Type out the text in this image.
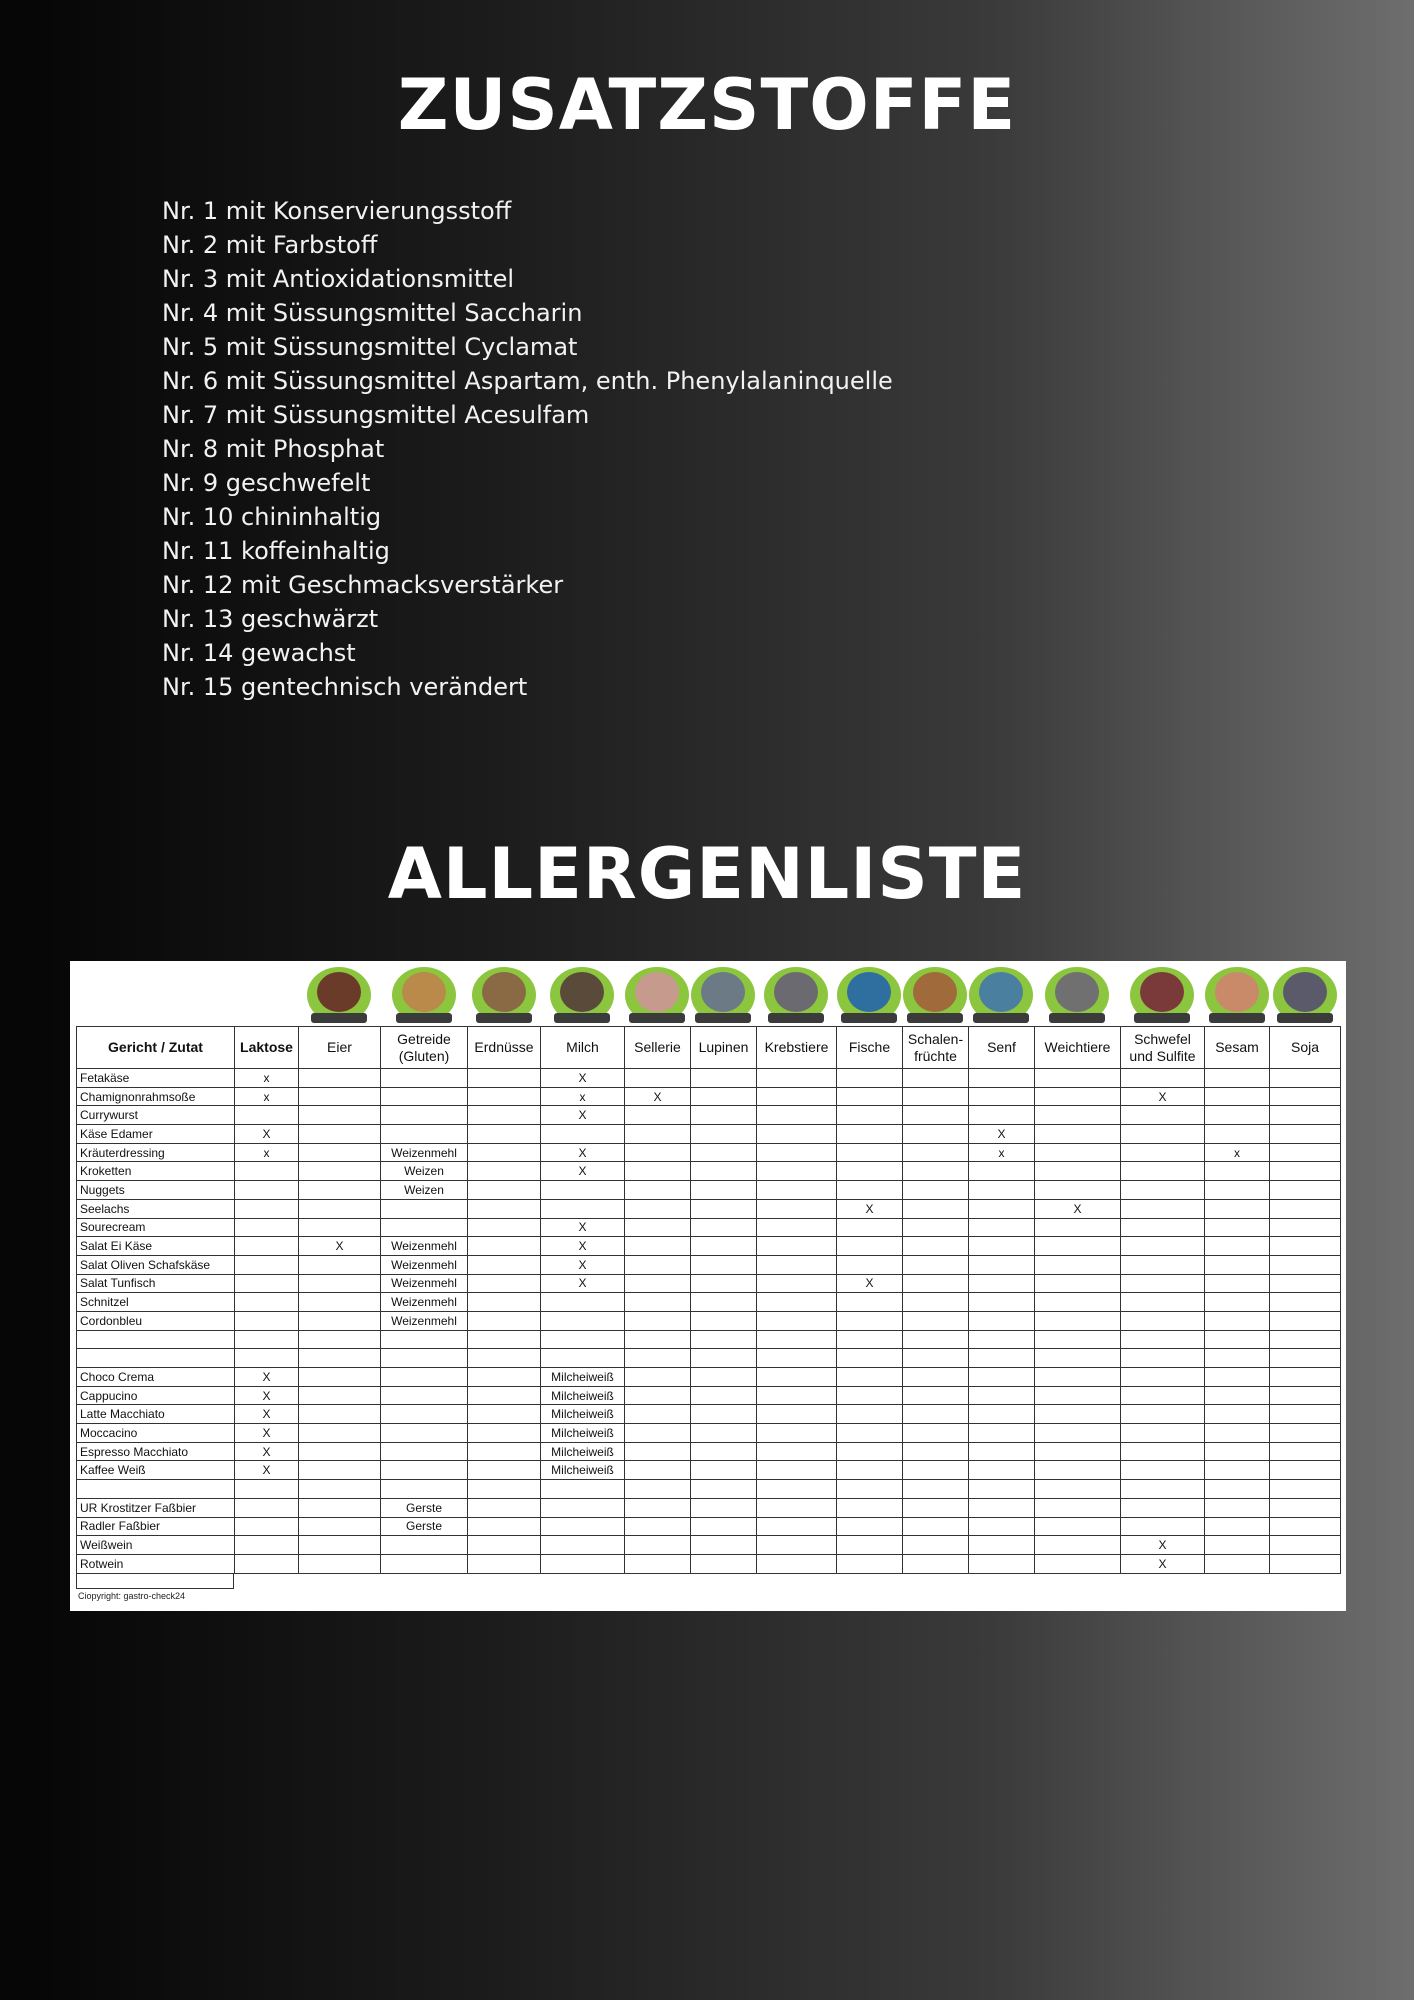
ZUSATZSTOFFE
Nr. 1 mit Konservierungsstoff
Nr. 2 mit Farbstoff
Nr. 3 mit Antioxidationsmittel
Nr. 4 mit Süssungsmittel Saccharin
Nr. 5 mit Süssungsmittel Cyclamat
Nr. 6 mit Süssungsmittel Aspartam, enth. Phenylalaninquelle
Nr. 7 mit Süssungsmittel Acesulfam
Nr. 8 mit Phosphat
Nr. 9 geschwefelt
Nr. 10 chininhaltig
Nr. 11 koffeinhaltig
Nr. 12 mit Geschmacksverstärker
Nr. 13 geschwärzt
Nr. 14 gewachst
Nr. 15 gentechnisch verändert
ALLERGENLISTE
Gericht / Zutat	Laktose	Eier	Getreide (Gluten)	Erdnüsse	Milch	Sellerie	Lupinen	Krebstiere	Fische	Schalen-früchte	Senf	Weichtiere	Schwefel und Sulfite	Sesam	Soja
Fetakäse	x				X										
Chamignonrahmsoße	x				x	X							X		
Currywurst					X										
Käse Edamer	X										X				
Kräuterdressing	x		Weizenmehl		X						x			x	
Kroketten			Weizen		X										
Nuggets			Weizen												
Seelachs									X			X			
Sourecream					X										
Salat Ei Käse		X	Weizenmehl		X										
Salat Oliven Schafskäse			Weizenmehl		X										
Salat Tunfisch			Weizenmehl		X				X						
Schnitzel			Weizenmehl												
Cordonbleu			Weizenmehl												

Choco Crema	X				Milcheiweiß										
Cappucino	X				Milcheiweiß										
Latte Macchiato	X				Milcheiweiß										
Moccacino	X				Milcheiweiß										
Espresso Macchiato	X				Milcheiweiß										
Kaffee Weiß	X				Milcheiweiß										

UR Krostitzer Faßbier			Gerste												
Radler Faßbier			Gerste												
Weißwein													X		
Rotwein													X		
Ciopyright: gastro-check24
